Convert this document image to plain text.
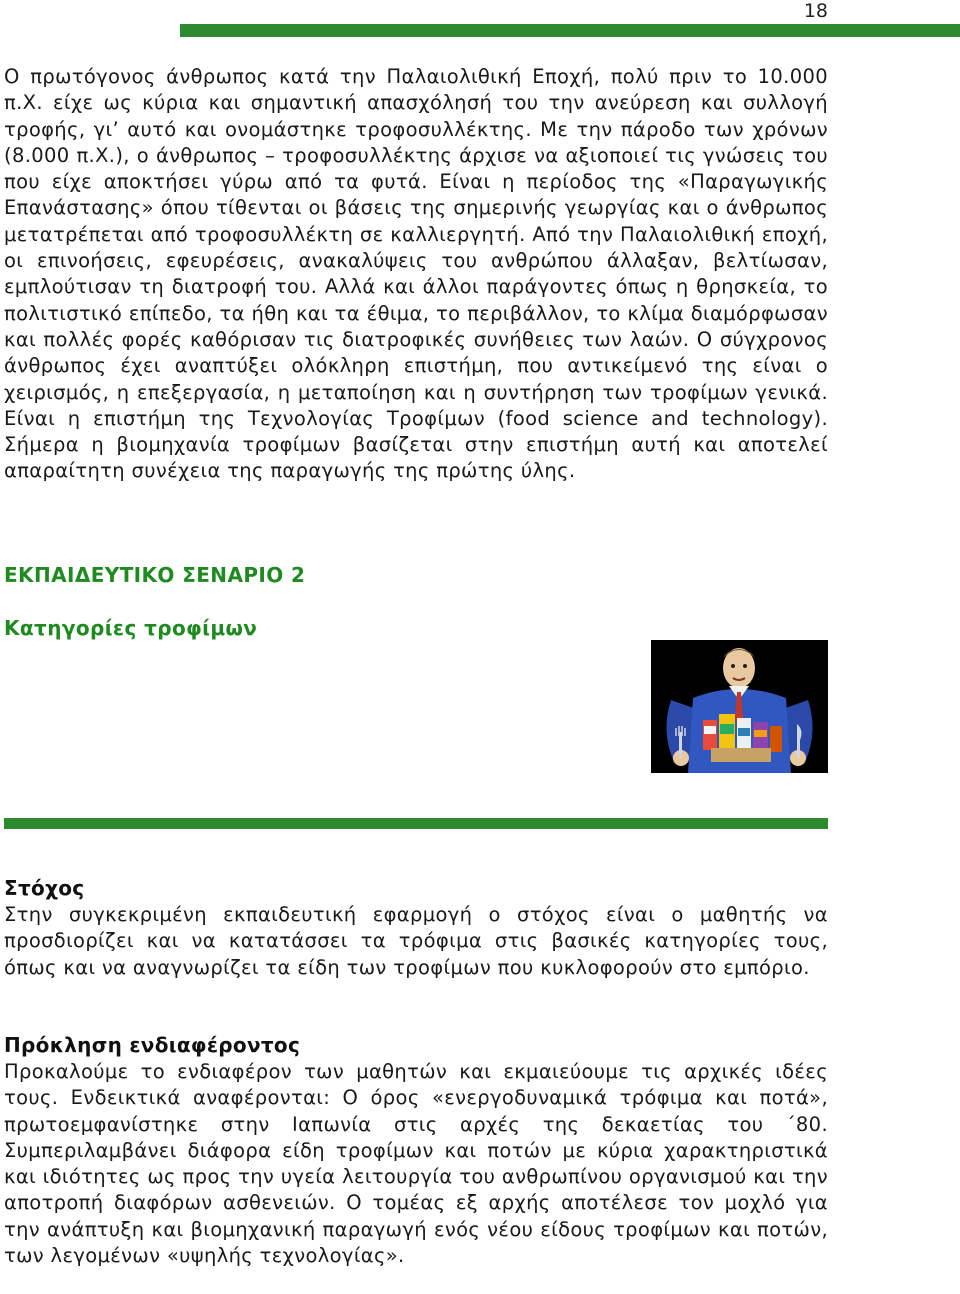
18

Ο πρωτόγονος άνθρωπος κατά την Παλαιολιθική Εποχή, πολύ πριν το 10.000 π.Χ. είχε ως κύρια και σημαντική απασχόλησή του την ανεύρεση και συλλογή τροφής, γι’ αυτό και ονομάστηκε τροφοσυλλέκτης. Με την πάροδο των χρόνων (8.000 π.Χ.), ο άνθρωπος – τροφοσυλλέκτης άρχισε να αξιοποιεί τις γνώσεις του που είχε αποκτήσει γύρω από τα φυτά. Είναι η περίοδος της «Παραγωγικής Επανάστασης» όπου τίθενται οι βάσεις της σημερινής γεωργίας και ο άνθρωπος μετατρέπεται από τροφοσυλλέκτη σε καλλιεργητή. Από την Παλαιολιθική εποχή, οι επινοήσεις, εφευρέσεις, ανακαλύψεις του ανθρώπου άλλαξαν, βελτίωσαν, εμπλούτισαν τη διατροφή του. Αλλά και άλλοι παράγοντες όπως η θρησκεία, το πολιτιστικό επίπεδο, τα ήθη και τα έθιμα, το περιβάλλον, το κλίμα διαμόρφωσαν και πολλές φορές καθόρισαν τις διατροφικές συνήθειες των λαών. Ο σύγχρονος άνθρωπος έχει αναπτύξει ολόκληρη επιστήμη, που αντικείμενό της είναι ο χειρισμός, η επεξεργασία, η μεταποίηση και η συντήρηση των τροφίμων γενικά. Είναι η επιστήμη της Τεχνολογίας Τροφίμων (food science and technology). Σήμερα η βιομηχανία τροφίμων βασίζεται στην επιστήμη αυτή και αποτελεί απαραίτητη συνέχεια της παραγωγής της πρώτης ύλης.

ΕΚΠΑΙΔΕΥΤΙΚΟ ΣΕΝΑΡΙΟ 2
Κατηγορίες τροφίμων
Στόχος

Στην συγκεκριμένη εκπαιδευτική εφαρμογή ο στόχος είναι ο μαθητής να προσδιορίζει και να κατατάσσει τα τρόφιμα στις βασικές κατηγορίες τους, όπως και να αναγνωρίζει τα είδη των τροφίμων που κυκλοφορούν στο εμπόριο.

Πρόκληση ενδιαφέροντος

Προκαλούμε το ενδιαφέρον των μαθητών και εκμαιεύουμε τις αρχικές ιδέες τους. Ενδεικτικά αναφέρονται: Ο όρος «ενεργοδυναμικά τρόφιμα και ποτά», πρωτοεμφανίστηκε στην Ιαπωνία στις αρχές της δεκαετίας του ΄80. Συμπεριλαμβάνει διάφορα είδη τροφίμων και ποτών με κύρια χαρακτηριστικά και ιδιότητες ως προς την υγεία λειτουργία του ανθρωπίνου οργανισμού και την αποτροπή διαφόρων ασθενειών. Ο τομέας εξ αρχής αποτέλεσε τον μοχλό για την ανάπτυξη και βιομηχανική παραγωγή ενός νέου είδους τροφίμων και ποτών, των λεγομένων «υψηλής τεχνολογίας».
